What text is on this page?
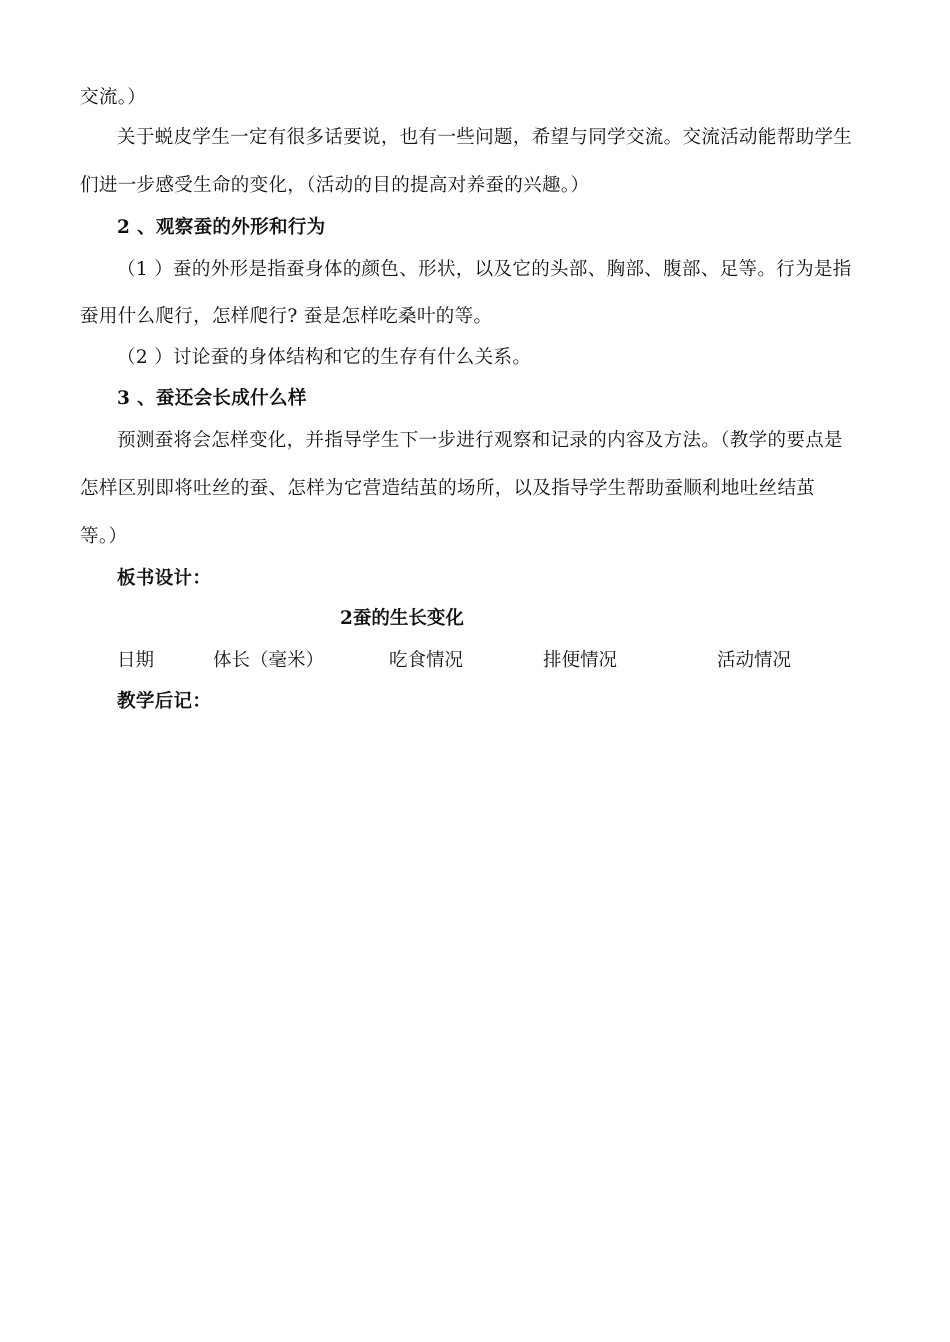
交流。）
关于蜕皮学生一定有很多话要说，也有一些问题，希望与同学交流。交流活动能帮助学生
们进一步感受生命的变化，（活动的目的提高对养蚕的兴趣。）
2 、观察蚕的外形和行为
（1 ）蚕的外形是指蚕身体的颜色、形状，以及它的头部、胸部、腹部、足等。行为是指
蚕用什么爬行，怎样爬行? 蚕是怎样吃桑叶的等。
（2 ）讨论蚕的身体结构和它的生存有什么关系。
3 、蚕还会长成什么样
预测蚕将会怎样变化，并指导学生下一步进行观察和记录的内容及方法。（教学的要点是
怎样区别即将吐丝的蚕、怎样为它营造结茧的场所，以及指导学生帮助蚕顺利地吐丝结茧
等。）
板书设计：
2蚕的生长变化
日期	体长（毫米）	吃食情况	排便情况	活动情况
教学后记：
